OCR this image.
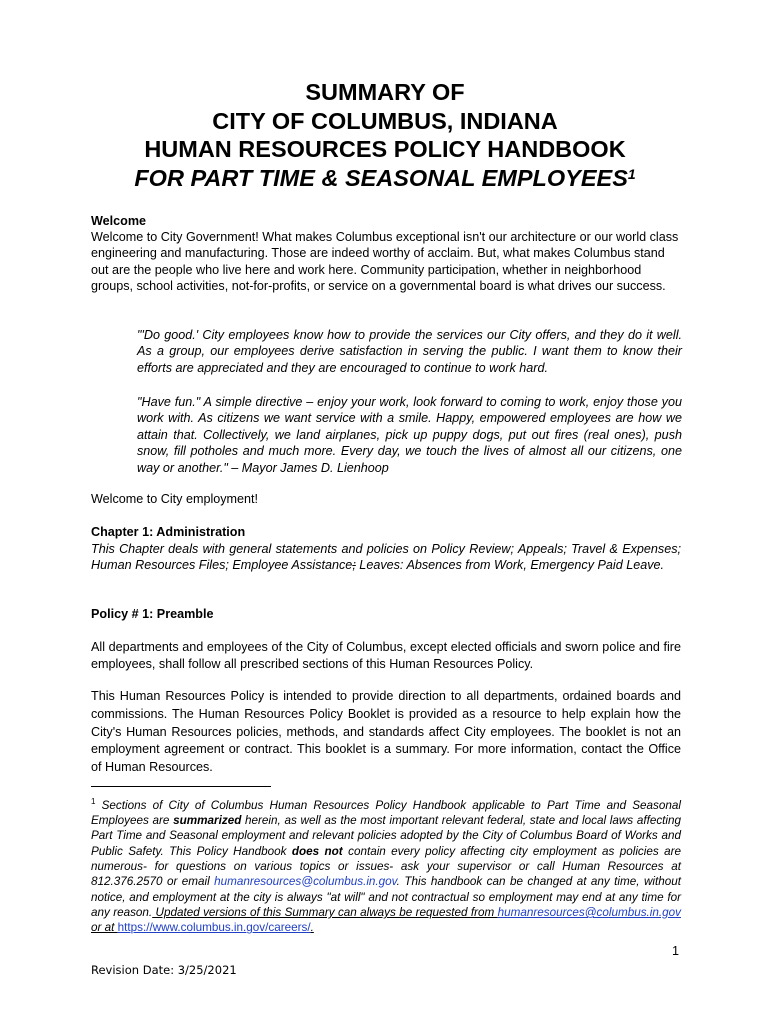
SUMMARY OF
CITY OF COLUMBUS, INDIANA
HUMAN RESOURCES POLICY HANDBOOK
FOR PART TIME & SEASONAL EMPLOYEES$^1$
Welcome
Welcome to City Government! What makes Columbus exceptional isn't our architecture or our world class engineering and manufacturing. Those are indeed worthy of acclaim. But, what makes Columbus stand out are the people who live here and work here. Community participation, whether in neighborhood groups, school activities, not-for-profits, or service on a governmental board is what drives our success.
"'Do good.' City employees know how to provide the services our City offers, and they do it well. As a group, our employees derive satisfaction in serving the public. I want them to know their efforts are appreciated and they are encouraged to continue to work hard.
"Have fun." A simple directive – enjoy your work, look forward to coming to work, enjoy those you work with. As citizens we want service with a smile. Happy, empowered employees are how we attain that. Collectively, we land airplanes, pick up puppy dogs, put out fires (real ones), push snow, fill potholes and much more. Every day, we touch the lives of almost all our citizens, one way or another." – Mayor James D. Lienhoop
Welcome to City employment!
Chapter 1: Administration
This Chapter deals with general statements and policies on Policy Review; Appeals; Travel & Expenses; Human Resources Files; Employee Assistance; Leaves: Absences from Work, Emergency Paid Leave.
Policy # 1: Preamble
All departments and employees of the City of Columbus, except elected officials and sworn police and fire employees, shall follow all prescribed sections of this Human Resources Policy.
This Human Resources Policy is intended to provide direction to all departments, ordained boards and commissions. The Human Resources Policy Booklet is provided as a resource to help explain how the City's Human Resources policies, methods, and standards affect City employees. The booklet is not an employment agreement or contract. This booklet is a summary. For more information, contact the Office of Human Resources.
$^1$ Sections of City of Columbus Human Resources Policy Handbook applicable to Part Time and Seasonal Employees are summarized herein, as well as the most important relevant federal, state and local laws affecting Part Time and Seasonal employment and relevant policies adopted by the City of Columbus Board of Works and Public Safety. This Policy Handbook does not contain every policy affecting city employment as policies are numerous- for questions on various topics or issues- ask your supervisor or call Human Resources at 812.376.2570 or email humanresources@columbus.in.gov. This handbook can be changed at any time, without notice, and employment at the city is always "at will" and not contractual so employment may end at any time for any reason. Updated versions of this Summary can always be requested from humanresources@columbus.in.gov or at https://www.columbus.in.gov/careers/.
1
Revision Date: 3/25/2021
